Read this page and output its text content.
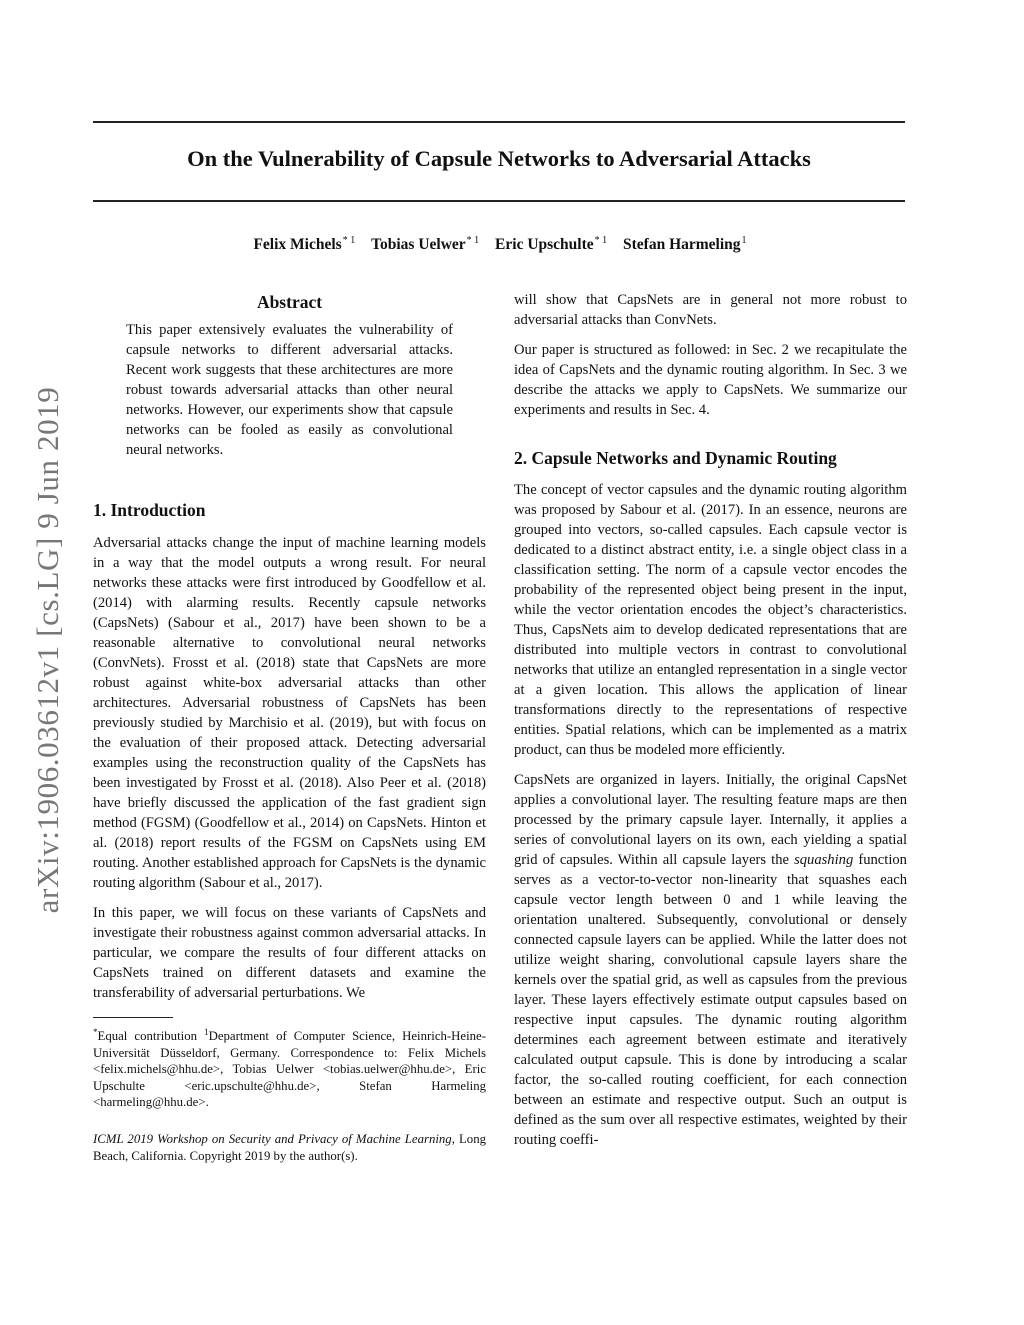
On the Vulnerability of Capsule Networks to Adversarial Attacks
Felix Michels$^{* 1}$ Tobias Uelwer$^{* 1}$ Eric Upschulte$^{* 1}$ Stefan Harmeling$^1$
arXiv:1906.03612v1 [cs.LG] 9 Jun 2019
Abstract

This paper extensively evaluates the vulnerability of capsule networks to different adversarial attacks. Recent work suggests that these architectures are more robust towards adversarial attacks than other neural networks. However, our experiments show that capsule networks can be fooled as easily as convolutional neural networks.

1. Introduction

Adversarial attacks change the input of machine learning models in a way that the model outputs a wrong result. For neural networks these attacks were first introduced by Goodfellow et al. (2014) with alarming results. Recently capsule networks (CapsNets) (Sabour et al., 2017) have been shown to be a reasonable alternative to convolutional neural networks (ConvNets). Frosst et al. (2018) state that CapsNets are more robust against white-box adversarial attacks than other architectures. Adversarial robustness of CapsNets has been previously studied by Marchisio et al. (2019), but with focus on the evaluation of their proposed attack. Detecting adversarial examples using the reconstruction quality of the CapsNets has been investigated by Frosst et al. (2018). Also Peer et al. (2018) have briefly discussed the application of the fast gradient sign method (FGSM) (Goodfellow et al., 2014) on CapsNets. Hinton et al. (2018) report results of the FGSM on CapsNets using EM routing. Another established approach for CapsNets is the dynamic routing algorithm (Sabour et al., 2017).

In this paper, we will focus on these variants of CapsNets and investigate their robustness against common adversarial attacks. In particular, we compare the results of four different attacks on CapsNets trained on different datasets and examine the transferability of adversarial perturbations. We

*Equal contribution $^1$Department of Computer Science, Heinrich-Heine-Universität Düsseldorf, Germany. Correspondence to: Felix Michels <felix.michels@hhu.de>, Tobias Uelwer <tobias.uelwer@hhu.de>, Eric Upschulte <eric.upschulte@hhu.de>, Stefan Harmeling <harmeling@hhu.de>.

ICML 2019 Workshop on Security and Privacy of Machine Learning, Long Beach, California. Copyright 2019 by the author(s).

will show that CapsNets are in general not more robust to adversarial attacks than ConvNets.

Our paper is structured as followed: in Sec. 2 we recapitulate the idea of CapsNets and the dynamic routing algorithm. In Sec. 3 we describe the attacks we apply to CapsNets. We summarize our experiments and results in Sec. 4.

2. Capsule Networks and Dynamic Routing

The concept of vector capsules and the dynamic routing algorithm was proposed by Sabour et al. (2017). In an essence, neurons are grouped into vectors, so-called capsules. Each capsule vector is dedicated to a distinct abstract entity, i.e. a single object class in a classification setting. The norm of a capsule vector encodes the probability of the represented object being present in the input, while the vector orientation encodes the object’s characteristics. Thus, CapsNets aim to develop dedicated representations that are distributed into multiple vectors in contrast to convolutional networks that utilize an entangled representation in a single vector at a given location. This allows the application of linear transformations directly to the representations of respective entities. Spatial relations, which can be implemented as a matrix product, can thus be modeled more efficiently.

CapsNets are organized in layers. Initially, the original CapsNet applies a convolutional layer. The resulting feature maps are then processed by the primary capsule layer. Internally, it applies a series of convolutional layers on its own, each yielding a spatial grid of capsules. Within all capsule layers the squashing function serves as a vector-to-vector non-linearity that squashes each capsule vector length between 0 and 1 while leaving the orientation unaltered. Subsequently, convolutional or densely connected capsule layers can be applied. While the latter does not utilize weight sharing, convolutional capsule layers share the kernels over the spatial grid, as well as capsules from the previous layer. These layers effectively estimate output capsules based on respective input capsules. The dynamic routing algorithm determines each agreement between estimate and iteratively calculated output capsule. This is done by introducing a scalar factor, the so-called routing coefficient, for each connection between an estimate and respective output. Such an output is defined as the sum over all respective estimates, weighted by their routing coeffi-
